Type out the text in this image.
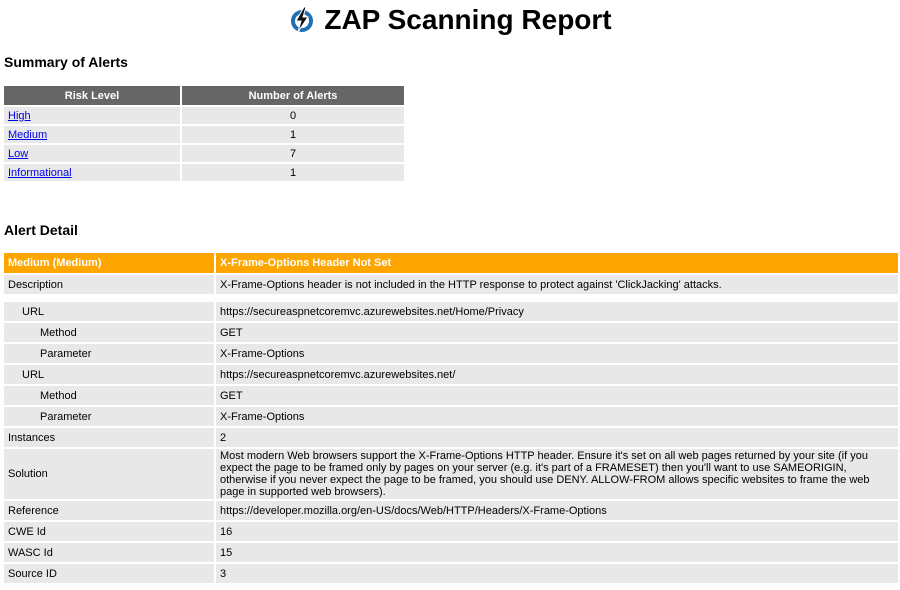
ZAP Scanning Report
Summary of Alerts
Risk Level	Number of Alerts
High	0
Medium	1
Low	7
Informational	1
Alert Detail
Medium (Medium)	X-Frame-Options Header Not Set
Description	X-Frame-Options header is not included in the HTTP response to protect against 'ClickJacking' attacks.

URL	https://secureaspnetcoremvc.azurewebsites.net/Home/Privacy
Method	GET
Parameter	X-Frame-Options
URL	https://secureaspnetcoremvc.azurewebsites.net/
Method	GET
Parameter	X-Frame-Options
Instances	2
Solution	Most modern Web browsers support the X-Frame-Options HTTP header. Ensure it's set on all web pages returned by your site (if you expect the page to be framed only by pages on your server (e.g. it's part of a FRAMESET) then you'll want to use SAMEORIGIN, otherwise if you never expect the page to be framed, you should use DENY. ALLOW-FROM allows specific websites to frame the web page in supported web browsers).
Reference	https://developer.mozilla.org/en-US/docs/Web/HTTP/Headers/X-Frame-Options
CWE Id	16
WASC Id	15
Source ID	3
